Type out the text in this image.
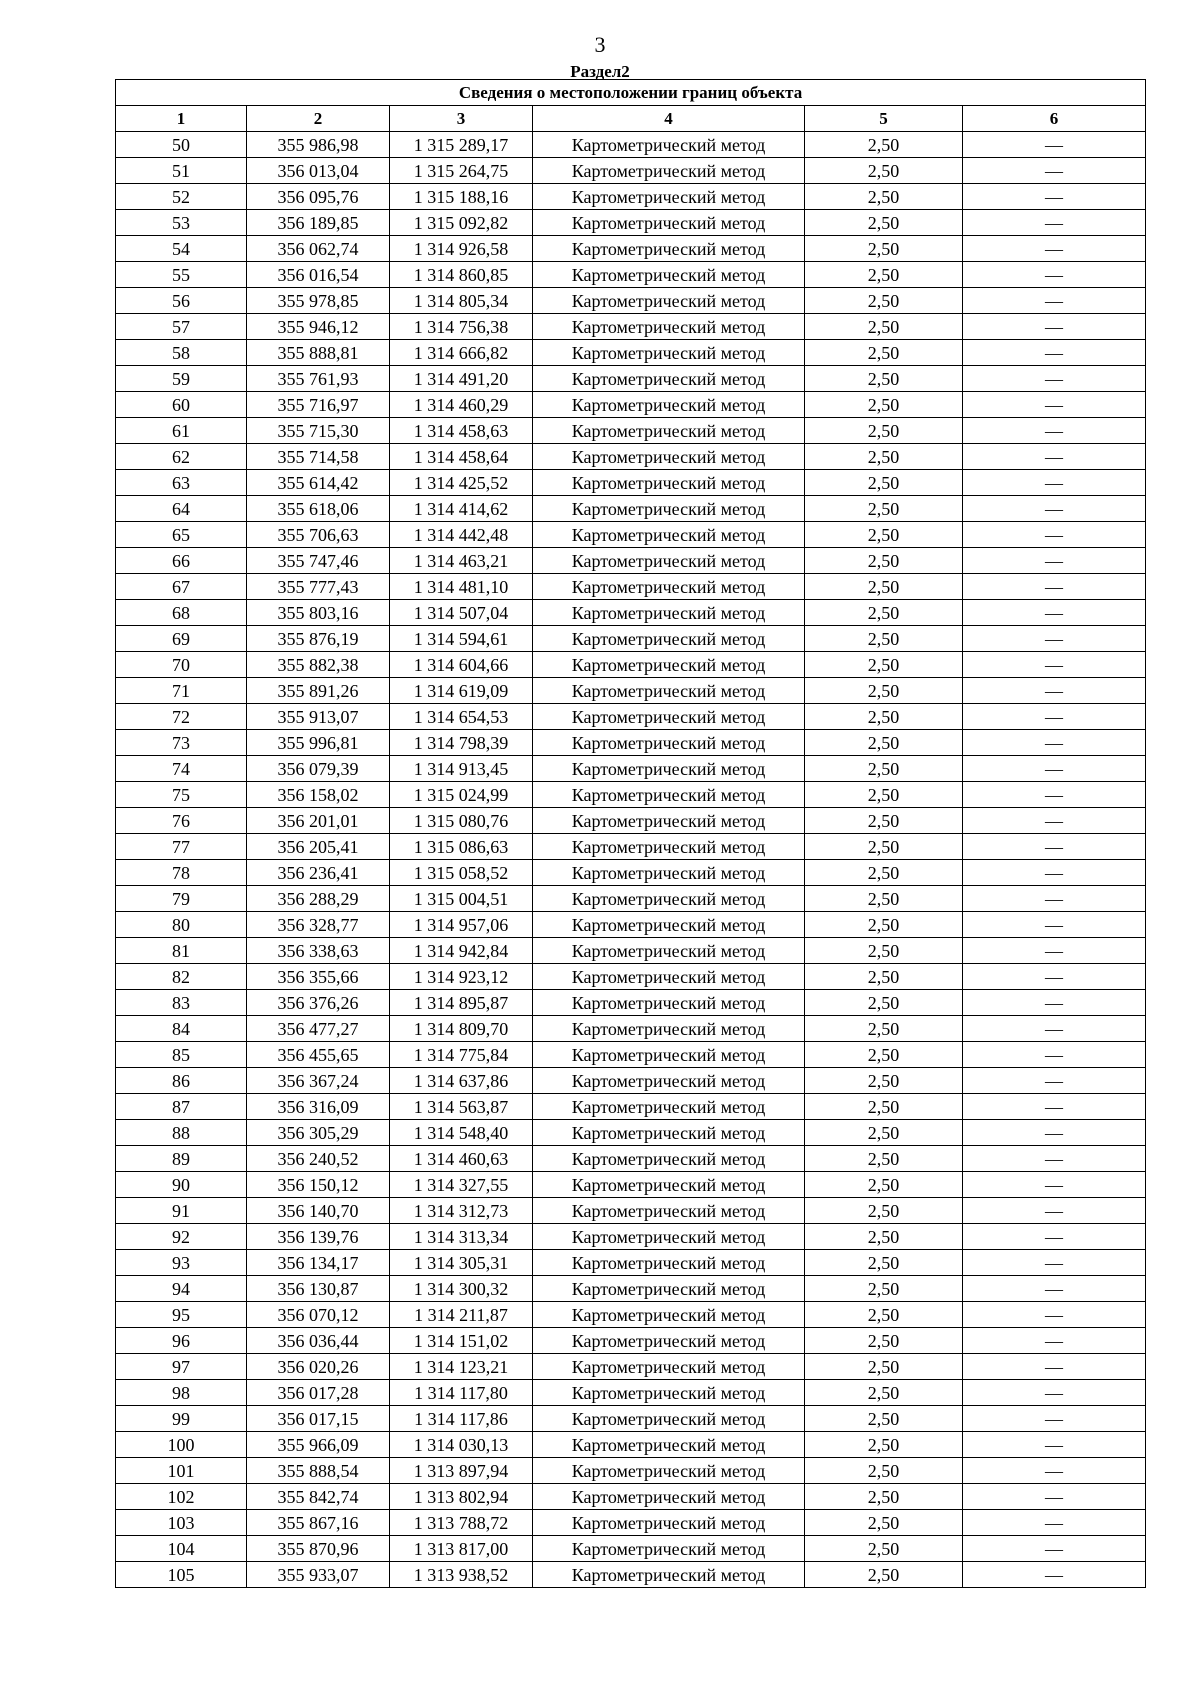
3
Раздел2
Сведения о местоположении границ объекта					
1	2	3	4	5	6
50	355 986,98	1 315 289,17	Картометрический метод	2,50	—
51	356 013,04	1 315 264,75	Картометрический метод	2,50	—
52	356 095,76	1 315 188,16	Картометрический метод	2,50	—
53	356 189,85	1 315 092,82	Картометрический метод	2,50	—
54	356 062,74	1 314 926,58	Картометрический метод	2,50	—
55	356 016,54	1 314 860,85	Картометрический метод	2,50	—
56	355 978,85	1 314 805,34	Картометрический метод	2,50	—
57	355 946,12	1 314 756,38	Картометрический метод	2,50	—
58	355 888,81	1 314 666,82	Картометрический метод	2,50	—
59	355 761,93	1 314 491,20	Картометрический метод	2,50	—
60	355 716,97	1 314 460,29	Картометрический метод	2,50	—
61	355 715,30	1 314 458,63	Картометрический метод	2,50	—
62	355 714,58	1 314 458,64	Картометрический метод	2,50	—
63	355 614,42	1 314 425,52	Картометрический метод	2,50	—
64	355 618,06	1 314 414,62	Картометрический метод	2,50	—
65	355 706,63	1 314 442,48	Картометрический метод	2,50	—
66	355 747,46	1 314 463,21	Картометрический метод	2,50	—
67	355 777,43	1 314 481,10	Картометрический метод	2,50	—
68	355 803,16	1 314 507,04	Картометрический метод	2,50	—
69	355 876,19	1 314 594,61	Картометрический метод	2,50	—
70	355 882,38	1 314 604,66	Картометрический метод	2,50	—
71	355 891,26	1 314 619,09	Картометрический метод	2,50	—
72	355 913,07	1 314 654,53	Картометрический метод	2,50	—
73	355 996,81	1 314 798,39	Картометрический метод	2,50	—
74	356 079,39	1 314 913,45	Картометрический метод	2,50	—
75	356 158,02	1 315 024,99	Картометрический метод	2,50	—
76	356 201,01	1 315 080,76	Картометрический метод	2,50	—
77	356 205,41	1 315 086,63	Картометрический метод	2,50	—
78	356 236,41	1 315 058,52	Картометрический метод	2,50	—
79	356 288,29	1 315 004,51	Картометрический метод	2,50	—
80	356 328,77	1 314 957,06	Картометрический метод	2,50	—
81	356 338,63	1 314 942,84	Картометрический метод	2,50	—
82	356 355,66	1 314 923,12	Картометрический метод	2,50	—
83	356 376,26	1 314 895,87	Картометрический метод	2,50	—
84	356 477,27	1 314 809,70	Картометрический метод	2,50	—
85	356 455,65	1 314 775,84	Картометрический метод	2,50	—
86	356 367,24	1 314 637,86	Картометрический метод	2,50	—
87	356 316,09	1 314 563,87	Картометрический метод	2,50	—
88	356 305,29	1 314 548,40	Картометрический метод	2,50	—
89	356 240,52	1 314 460,63	Картометрический метод	2,50	—
90	356 150,12	1 314 327,55	Картометрический метод	2,50	—
91	356 140,70	1 314 312,73	Картометрический метод	2,50	—
92	356 139,76	1 314 313,34	Картометрический метод	2,50	—
93	356 134,17	1 314 305,31	Картометрический метод	2,50	—
94	356 130,87	1 314 300,32	Картометрический метод	2,50	—
95	356 070,12	1 314 211,87	Картометрический метод	2,50	—
96	356 036,44	1 314 151,02	Картометрический метод	2,50	—
97	356 020,26	1 314 123,21	Картометрический метод	2,50	—
98	356 017,28	1 314 117,80	Картометрический метод	2,50	—
99	356 017,15	1 314 117,86	Картометрический метод	2,50	—
100	355 966,09	1 314 030,13	Картометрический метод	2,50	—
101	355 888,54	1 313 897,94	Картометрический метод	2,50	—
102	355 842,74	1 313 802,94	Картометрический метод	2,50	—
103	355 867,16	1 313 788,72	Картометрический метод	2,50	—
104	355 870,96	1 313 817,00	Картометрический метод	2,50	—
105	355 933,07	1 313 938,52	Картометрический метод	2,50	—
